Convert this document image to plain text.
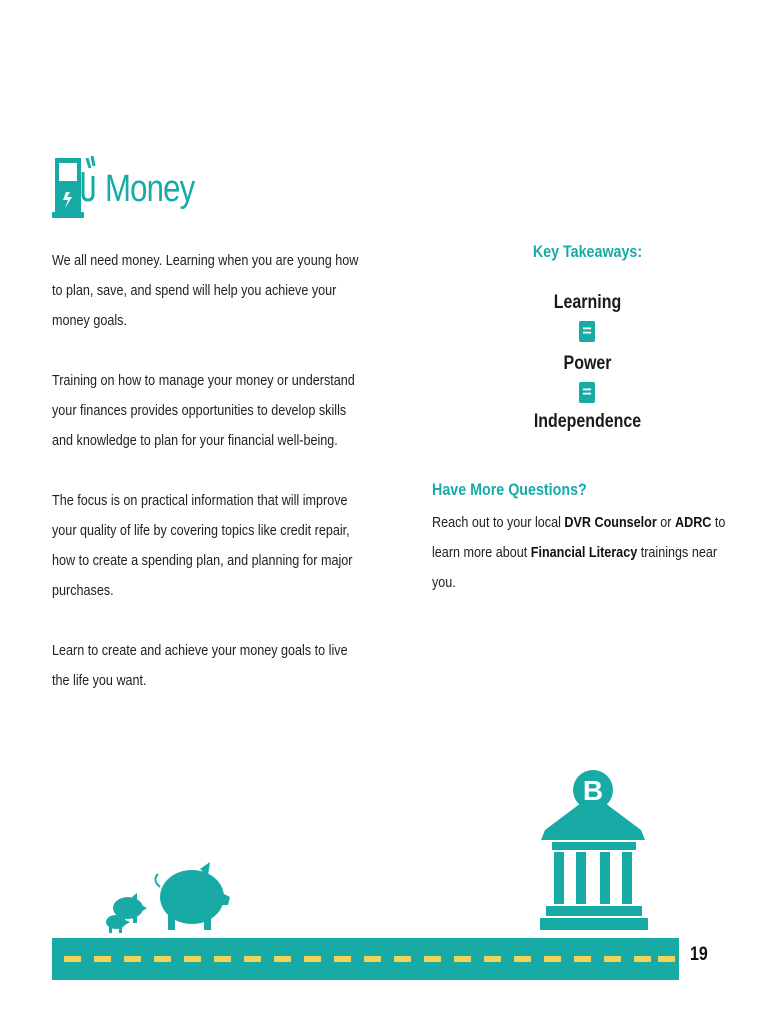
Money

We all need money. Learning when you are young how to plan, save, and spend will help you achieve your money goals.

Training on how to manage your money or understand your finances provides opportunities to develop skills and knowledge to plan for your financial well-being.

The focus is on practical information that will improve your quality of life by covering topics like credit repair, how to create a spending plan, and planning for major purchases.

Learn to create and achieve your money goals to live the life you want.

Key Takeaways:
Learning
=
Power
=
Independence
Have More Questions?
Reach out to your local DVR Counselor or ADRC to learn more about Financial Literacy trainings near you.
B
19
